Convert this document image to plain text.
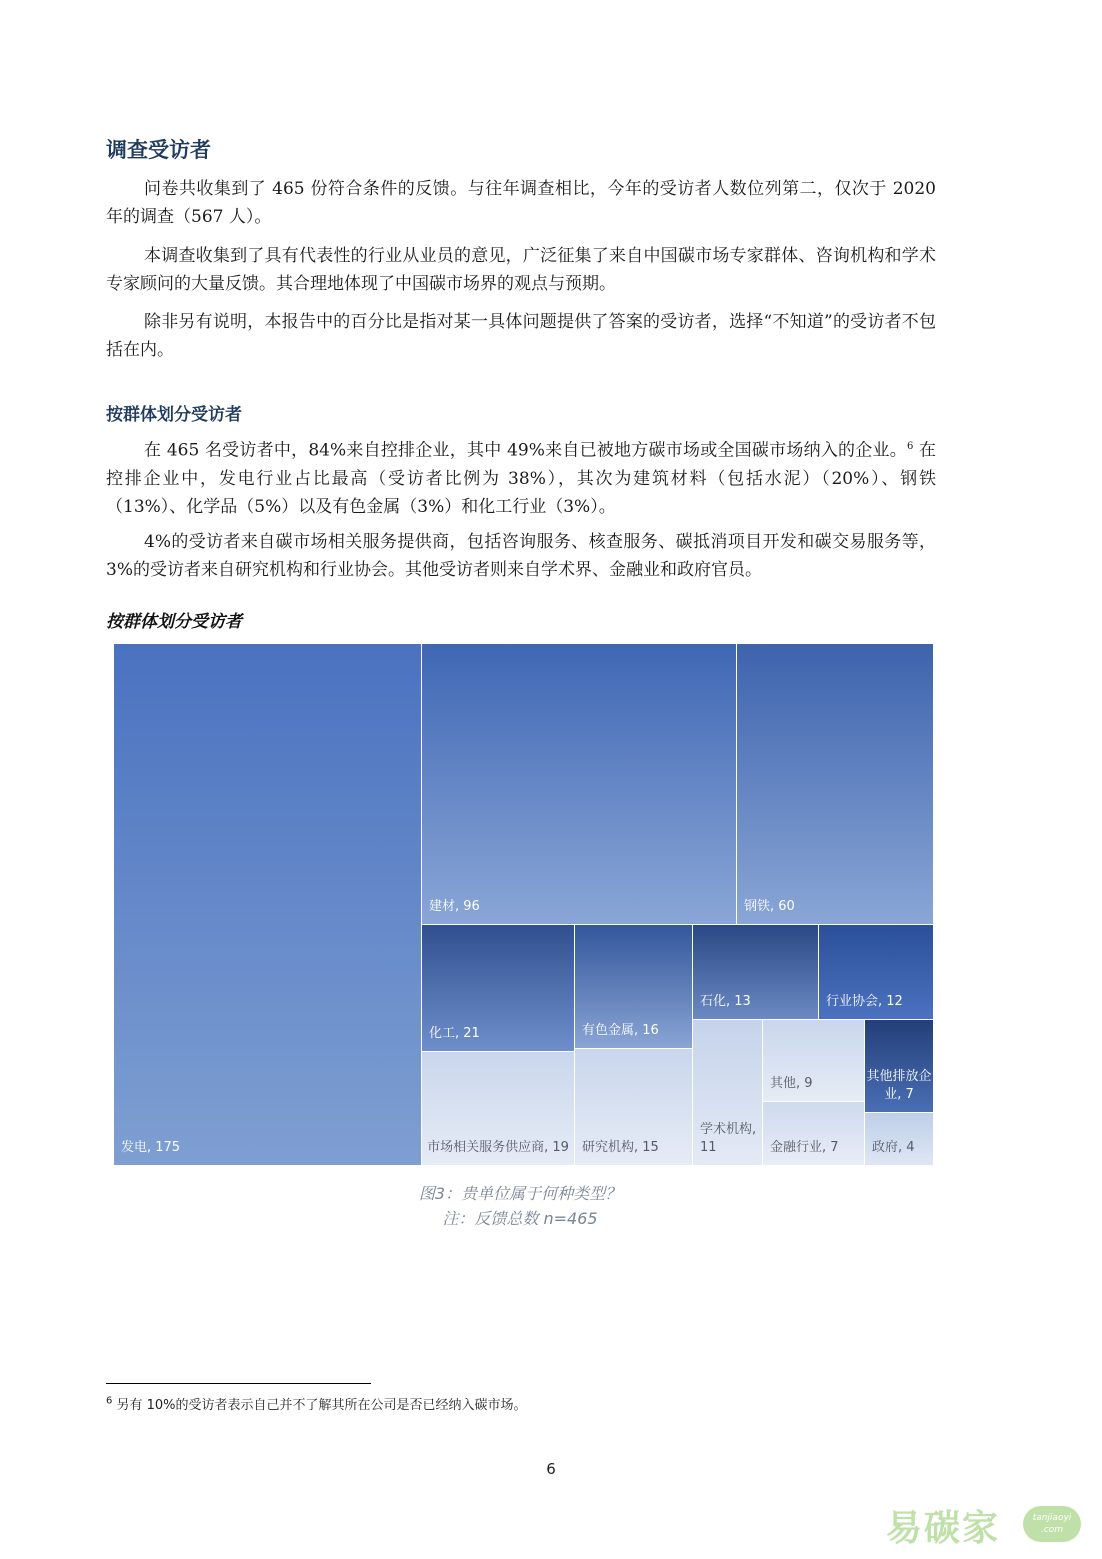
调查受访者

问卷共收集到了 465 份符合条件的反馈。与往年调查相比，今年的受访者人数位列第二，仅次于 2020 年的调查（567 人）。

本调查收集到了具有代表性的行业从业员的意见，广泛征集了来自中国碳市场专家群体、咨询机构和学术专家顾问的大量反馈。其合理地体现了中国碳市场界的观点与预期。

除非另有说明，本报告中的百分比是指对某一具体问题提供了答案的受访者，选择“不知道”的受访者不包括在内。

按群体划分受访者

在 465 名受访者中，84%来自控排企业，其中 49%来自已被地方碳市场或全国碳市场纳入的企业。$^6$ 在控排企业中，发电行业占比最高（受访者比例为 38%），其次为建筑材料（包括水泥）（20%）、钢铁（13%）、化学品（5%）以及有色金属（3%）和化工行业（3%）。

4%的受访者来自碳市场相关服务提供商，包括咨询服务、核查服务、碳抵消项目开发和碳交易服务等，3%的受访者来自研究机构和行业协会。其他受访者则来自学术界、金融业和政府官员。

按群体划分受访者

发电, 175
建材, 96	钢铁, 60
化工, 21
市场相关服务供应商, 19
有色金属, 16
研究机构, 15
石化, 13	行业协会, 12
学术机构, 11
其他, 9	其他排放企业, 7
金融行业, 7	政府, 4

图3：贵单位属于何种类型？

注：反馈总数 n=465

$^6$ 另有 10%的受访者表示自己并不了解其所在公司是否已经纳入碳市场。

6

易碳家	tanjiaoyi
.com
